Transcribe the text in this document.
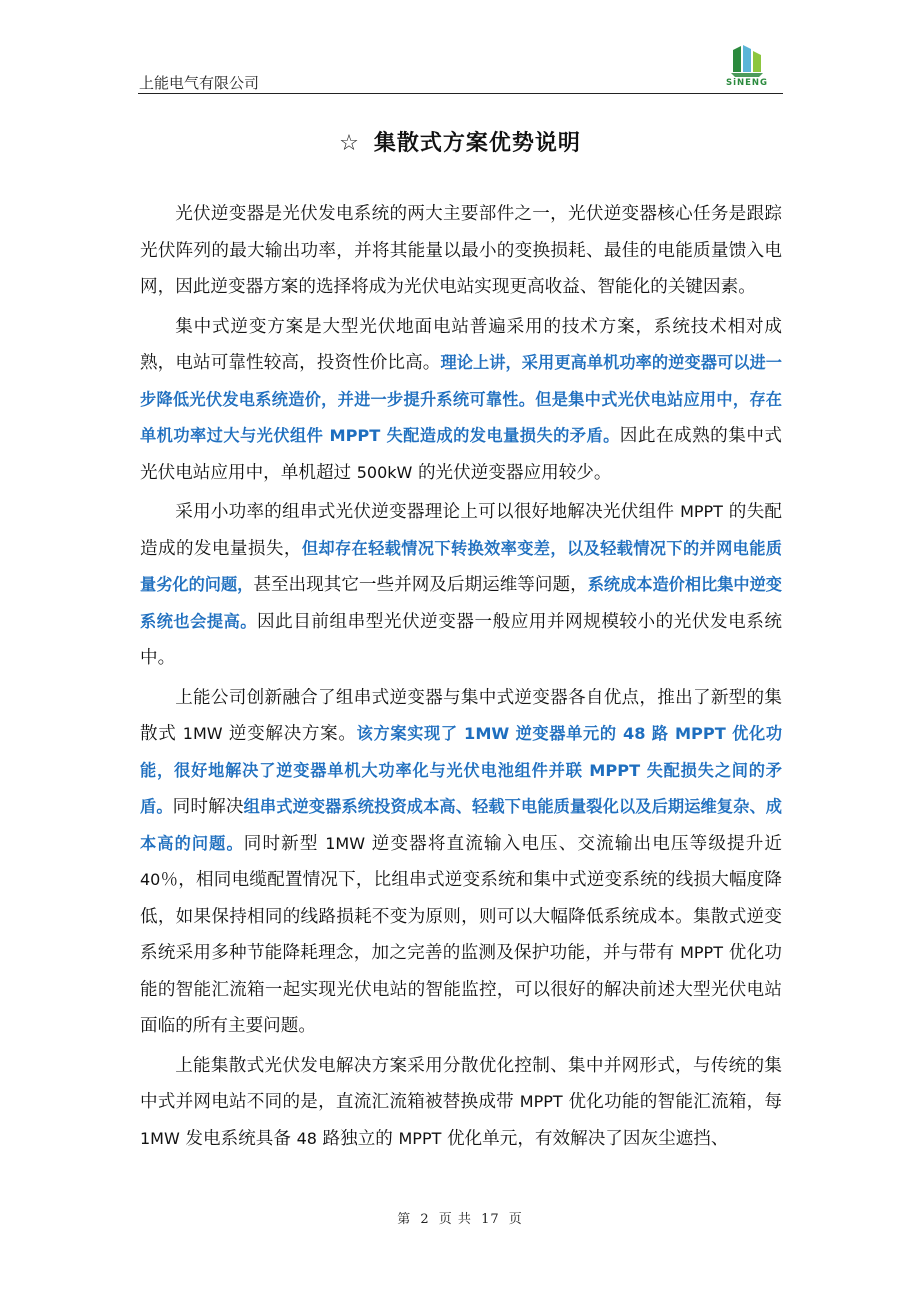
上能电气有限公司	SiNENG
☆ 集散式方案优势说明

光伏逆变器是光伏发电系统的两大主要部件之一，光伏逆变器核心任务是跟踪光伏阵列的最大输出功率，并将其能量以最小的变换损耗、最佳的电能质量馈入电网，因此逆变器方案的选择将成为光伏电站实现更高收益、智能化的关键因素。

集中式逆变方案是大型光伏地面电站普遍采用的技术方案，系统技术相对成熟，电站可靠性较高，投资性价比高。理论上讲，采用更高单机功率的逆变器可以进一步降低光伏发电系统造价，并进一步提升系统可靠性。但是集中式光伏电站应用中，存在单机功率过大与光伏组件 MPPT 失配造成的发电量损失的矛盾。因此在成熟的集中式光伏电站应用中，单机超过 500kW 的光伏逆变器应用较少。

采用小功率的组串式光伏逆变器理论上可以很好地解决光伏组件 MPPT 的失配造成的发电量损失，但却存在轻载情况下转换效率变差，以及轻载情况下的并网电能质量劣化的问题，甚至出现其它一些并网及后期运维等问题，系统成本造价相比集中逆变系统也会提高。因此目前组串型光伏逆变器一般应用并网规模较小的光伏发电系统中。

上能公司创新融合了组串式逆变器与集中式逆变器各自优点，推出了新型的集散式 1MW 逆变解决方案。该方案实现了 1MW 逆变器单元的 48 路 MPPT 优化功能，很好地解决了逆变器单机大功率化与光伏电池组件并联 MPPT 失配损失之间的矛盾。同时解决组串式逆变器系统投资成本高、轻载下电能质量裂化以及后期运维复杂、成本高的问题。同时新型 1MW 逆变器将直流输入电压、交流输出电压等级提升近 40％，相同电缆配置情况下，比组串式逆变系统和集中式逆变系统的线损大幅度降低，如果保持相同的线路损耗不变为原则，则可以大幅降低系统成本。集散式逆变系统采用多种节能降耗理念，加之完善的监测及保护功能，并与带有 MPPT 优化功能的智能汇流箱一起实现光伏电站的智能监控，可以很好的解决前述大型光伏电站面临的所有主要问题。

上能集散式光伏发电解决方案采用分散优化控制、集中并网形式，与传统的集中式并网电站不同的是，直流汇流箱被替换成带 MPPT 优化功能的智能汇流箱，每 1MW 发电系统具备 48 路独立的 MPPT 优化单元，有效解决了因灰尘遮挡、

第 2 页 共 17 页
